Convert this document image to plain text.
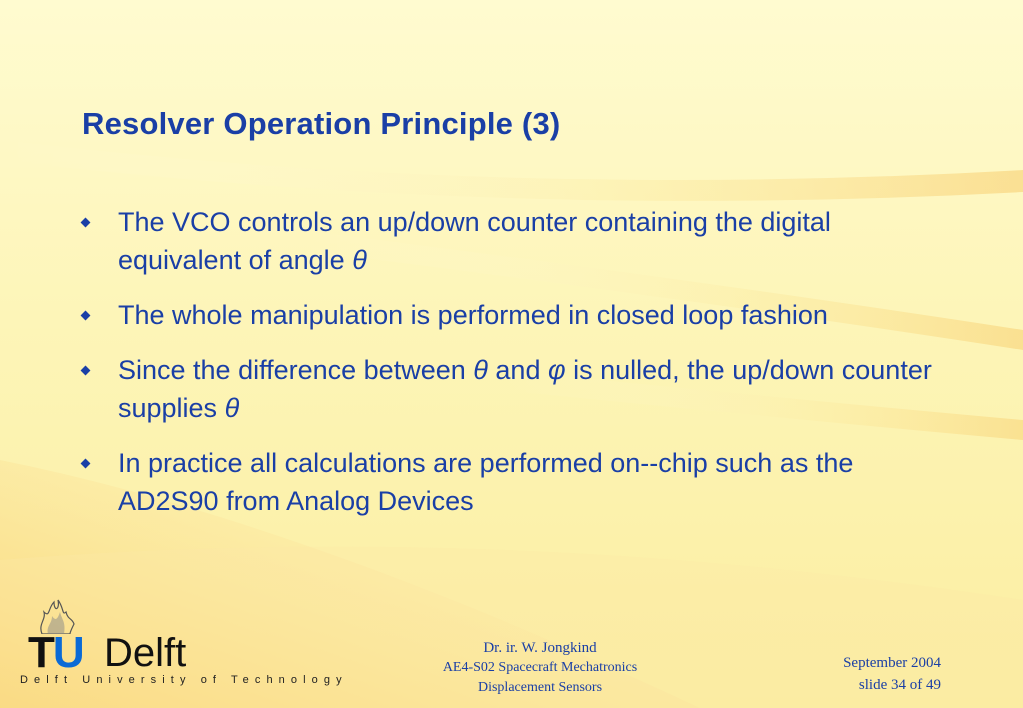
Resolver Operation Principle (3)
The VCO controls an up/down counter containing the digital equivalent of angle θ
The whole manipulation is performed in closed loop fashion
Since the difference between θ and φ is nulled, the up/down counter supplies θ
In practice all calculations are performed on--chip such as the AD2S90 from Analog Devices
TU Delft
Delft University of Technology
Dr. ir. W. Jongkind
AE4-S02 Spacecraft Mechatronics
Displacement Sensors
September 2004
slide 34 of 49
